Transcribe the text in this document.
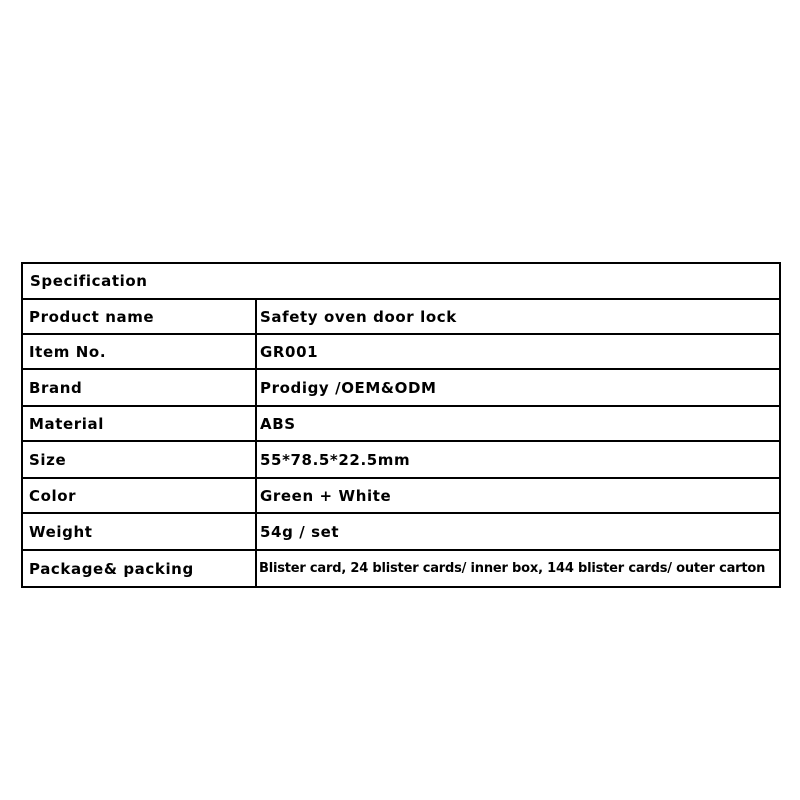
Specification	
Product name	Safety oven door lock
Item No.	GR001
Brand	Prodigy /OEM&ODM
Material	ABS
Size	55*78.5*22.5mm
Color	Green + White
Weight	54g / set
Package& packing	Blister card, 24 blister cards/ inner box, 144 blister cards/ outer carton
